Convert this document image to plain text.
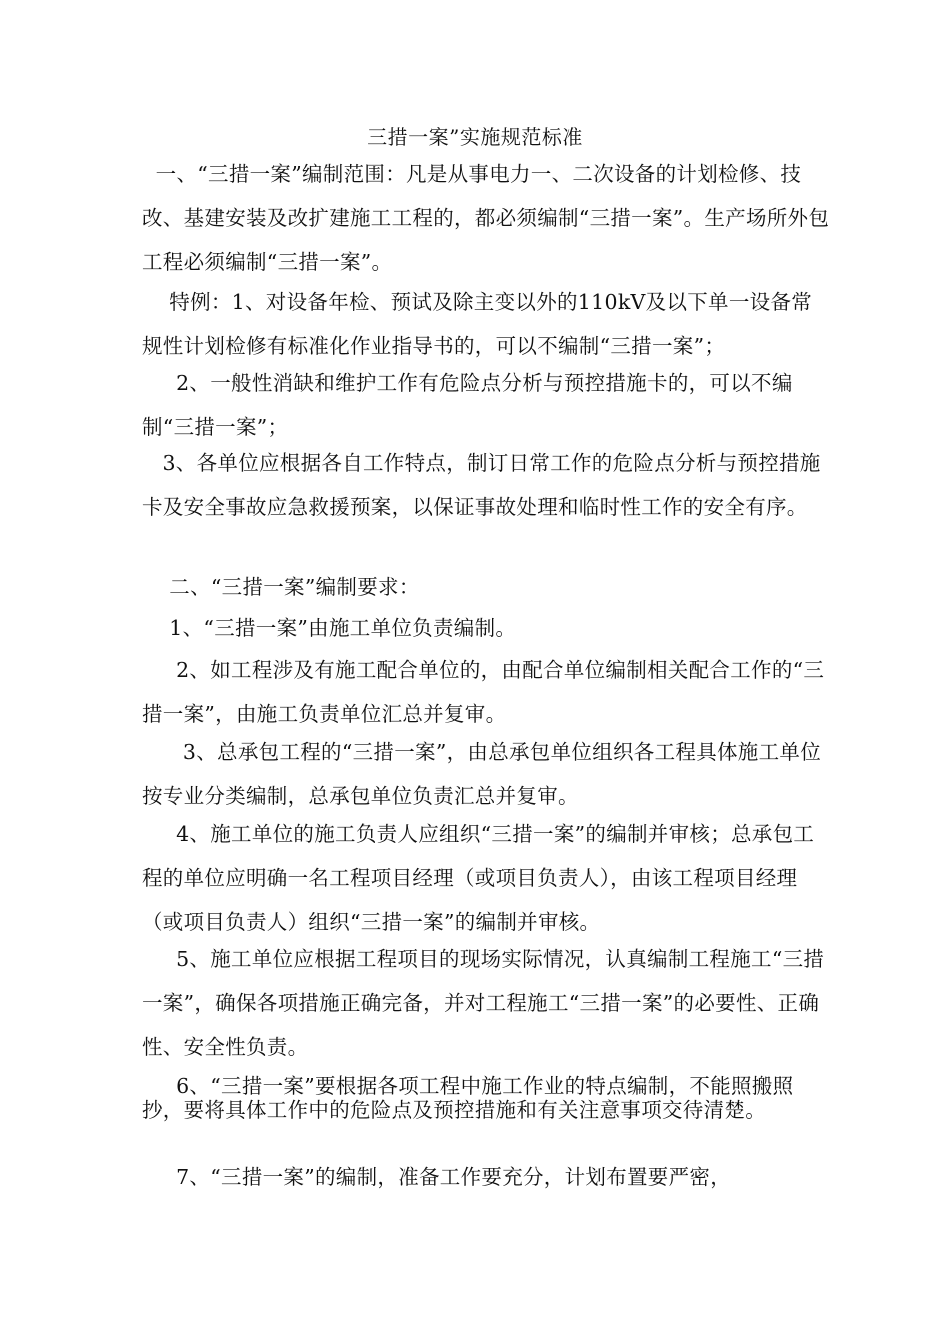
三措一案”实施规范标准

一、“三措一案”编制范围：凡是从事电力一、二次设备的计划检修、技改、基建安装及改扩建施工工程的，都必须编制“三措一案”。生产场所外包工程必须编制“三措一案”。

特例：1、对设备年检、预试及除主变以外的110kV及以下单一设备常规性计划检修有标准化作业指导书的，可以不编制“三措一案”；

2、一般性消缺和维护工作有危险点分析与预控措施卡的，可以不编制“三措一案”；

3、各单位应根据各自工作特点，制订日常工作的危险点分析与预控措施卡及安全事故应急救援预案，以保证事故处理和临时性工作的安全有序。

二、“三措一案”编制要求：

1、“三措一案”由施工单位负责编制。

2、如工程涉及有施工配合单位的，由配合单位编制相关配合工作的“三措一案”，由施工负责单位汇总并复审。

3、总承包工程的“三措一案”，由总承包单位组织各工程具体施工单位按专业分类编制，总承包单位负责汇总并复审。

4、施工单位的施工负责人应组织“三措一案”的编制并审核；总承包工程的单位应明确一名工程项目经理（或项目负责人），由该工程项目经理（或项目负责人）组织“三措一案”的编制并审核。

5、施工单位应根据工程项目的现场实际情况，认真编制工程施工“三措一案”，确保各项措施正确完备，并对工程施工“三措一案”的必要性、正确性、安全性负责。

6、“三措一案”要根据各项工程中施工作业的特点编制，不能照搬照抄，要将具体工作中的危险点及预控措施和有关注意事项交待清楚。

7、“三措一案”的编制，准备工作要充分，计划布置要严密，
